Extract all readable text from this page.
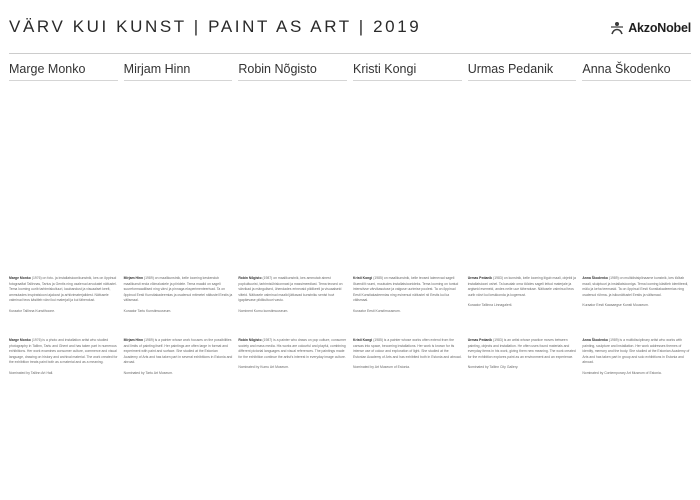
VÄRV KUI KUNST | PAINT AS ART | 2019	AkzoNobel
Marge Monko

Marge Monko (1976) on foto- ja installatsioonikunstnik, kes on õppinud fotograafiat Tallinnas, Tartus ja Gentis ning osalenud arvukatel näitustel. Tema looming uurib tarbimiskultuuri, kaubandust ja visuaalset keelt, ammutades inspiratsiooni ajaloost ja arhiivimaterjalidest. Näitusele valminud teos käsitleb värvi kui materjali ja kui tähendust.

Kuraator Tallinna Kunstihoone.

Marge Monko (1976) is a photo and installation artist who studied photography in Tallinn, Tartu and Ghent and has taken part in numerous exhibitions. Her work examines consumer culture, commerce and visual language, drawing on history and archival material. The work created for the exhibition treats paint both as a material and as a meaning.

Nominated by Tallinn Art Hall.

Mirjam Hinn

Mirjam Hinn (1989) on maalikunstnik, kelle looming keskendub maalikunsti enda võimalustele ja piiridele. Tema maalid on sageli suureformaadilised ning värvi ja pinnaga eksperimenteerivad. Ta on õppinud Eesti Kunstiakadeemias ja osalenud mitmetel näitustel Eestis ja välismaal.

Kuraator Tartu Kunstimuuseum.

Mirjam Hinn (1989) is a painter whose work focuses on the possibilities and limits of painting itself. Her paintings are often large in format and experiment with paint and surface. She studied at the Estonian Academy of Arts and has taken part in several exhibitions in Estonia and abroad.

Nominated by Tartu Art Museum.

Robin Nõgisto

Robin Nõgisto (1987) on maalikunstnik, kes ammutab ainest popkultuurist, tarbimisühiskonnast ja massimeediast. Tema teosed on värvikad ja mängulised, ühendades erinevaid pildikeeli ja visuaalseid viiteid. Näitusele valminud maalid jätkavad kunstniku senist huvi igapäevase pildikultuuri vastu.

Nominent Kumu kunstimuuseum.

Robin Nõgisto (1987) is a painter who draws on pop culture, consumer society and mass media. His works are colourful and playful, combining different pictorial languages and visual references. The paintings made for the exhibition continue the artist's interest in everyday image culture.

Nominated by Kumu Art Museum.

Kristi Kongi

Kristi Kongi (1985) on maalikunstnik, kelle teosed laienevad sageli lõuendilt ruumi, muutudes installatsioonideks. Tema looming on tuntud intensiivse värvikasutuse ja valguse uurimise poolest. Ta on õppinud Eesti Kunstiakadeemias ning esinenud näitustel nii Eestis kui ka välismaal.

Kuraator Eesti Kunstimuuseum.

Kristi Kongi (1985) is a painter whose works often extend from the canvas into space, becoming installations. Her work is known for its intense use of colour and exploration of light. She studied at the Estonian Academy of Arts and has exhibited both in Estonia and abroad.

Nominated by Art Museum of Estonia.

Urmas Pedanik

Urmas Pedanik (1983) on kunstnik, kelle looming liigub maali, objekti ja installatsiooni vahel. Ta kasutab oma töödes sageli leitud materjale ja argiseid esemeid, andes neile uue tähenduse. Näitusele valminud teos uurib värvi kui keskkonda ja kogemust.

Kuraator Tallinna Linnagalerii.

Urmas Pedanik (1983) is an artist whose practice moves between painting, objects and installation. He often uses found materials and everyday items in his work, giving them new meaning. The work created for the exhibition explores paint as an environment and an experience.

Nominated by Tallinn City Gallery.

Anna Škodenko

Anna Škodenko (1989) on multidistsiplinaarne kunstnik, kes töötab maali, skulptuuri ja installatsiooniga. Tema looming käsitleb identiteedi, mälu ja keha teemasid. Ta on õppinud Eesti Kunstiakadeemias ning osalenud rühma- ja isikunäitustel Eestis ja välismaal.

Kuraator Eesti Kaasaegse Kunsti Muuseum.

Anna Škodenko (1989) is a multidisciplinary artist who works with painting, sculpture and installation. Her work addresses themes of identity, memory and the body. She studied at the Estonian Academy of Arts and has taken part in group and solo exhibitions in Estonia and abroad.

Nominated by Contemporary Art Museum of Estonia.
